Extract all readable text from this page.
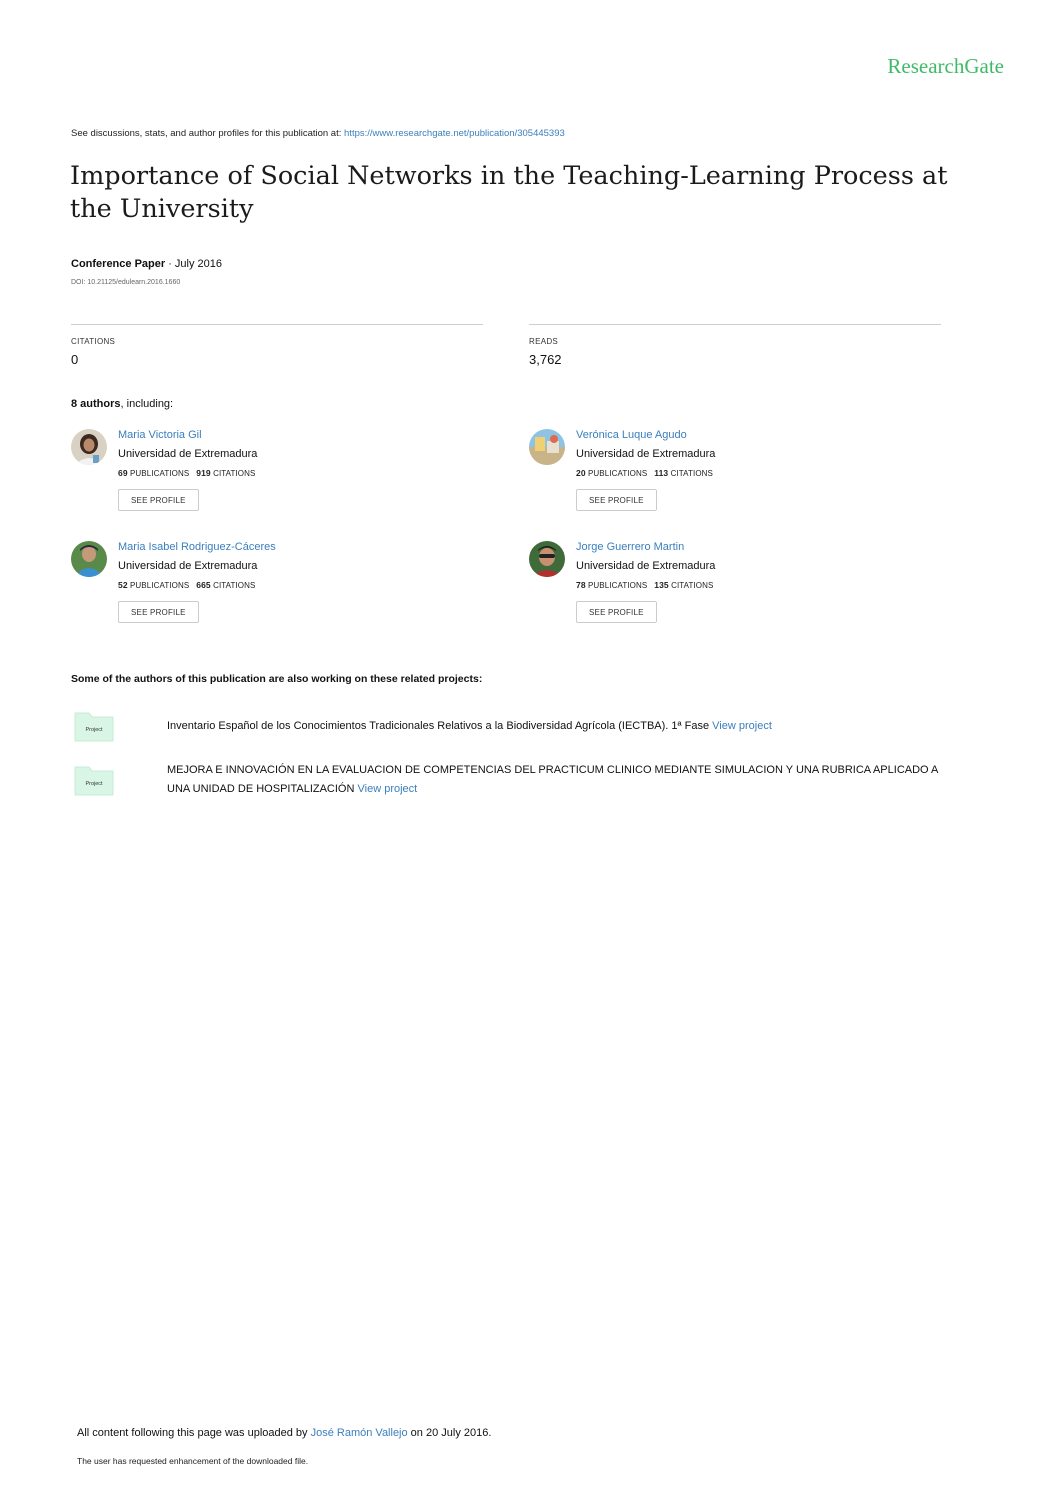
ResearchGate
See discussions, stats, and author profiles for this publication at: https://www.researchgate.net/publication/305445393
Importance of Social Networks in the Teaching-Learning Process at the University
Conference Paper · July 2016
DOI: 10.21125/edulearn.2016.1660
CITATIONS
0
READS
3,762
8 authors, including:
Maria Victoria Gil
Universidad de Extremadura
69 PUBLICATIONS 919 CITATIONS
SEE PROFILE
Verónica Luque Agudo
Universidad de Extremadura
20 PUBLICATIONS 113 CITATIONS
SEE PROFILE
Maria Isabel Rodriguez-Cáceres
Universidad de Extremadura
52 PUBLICATIONS 665 CITATIONS
SEE PROFILE
Jorge Guerrero Martin
Universidad de Extremadura
78 PUBLICATIONS 135 CITATIONS
SEE PROFILE
Some of the authors of this publication are also working on these related projects:
Project	Inventario Español de los Conocimientos Tradicionales Relativos a la Biodiversidad Agrícola (IECTBA). 1ª Fase View project
Project
MEJORA E INNOVACIÓN EN LA EVALUACION DE COMPETENCIAS DEL PRACTICUM CLINICO MEDIANTE SIMULACION Y UNA RUBRICA APLICADO A UNA UNIDAD DE HOSPITALIZACIÓN View project
All content following this page was uploaded by José Ramón Vallejo on 20 July 2016.
The user has requested enhancement of the downloaded file.
